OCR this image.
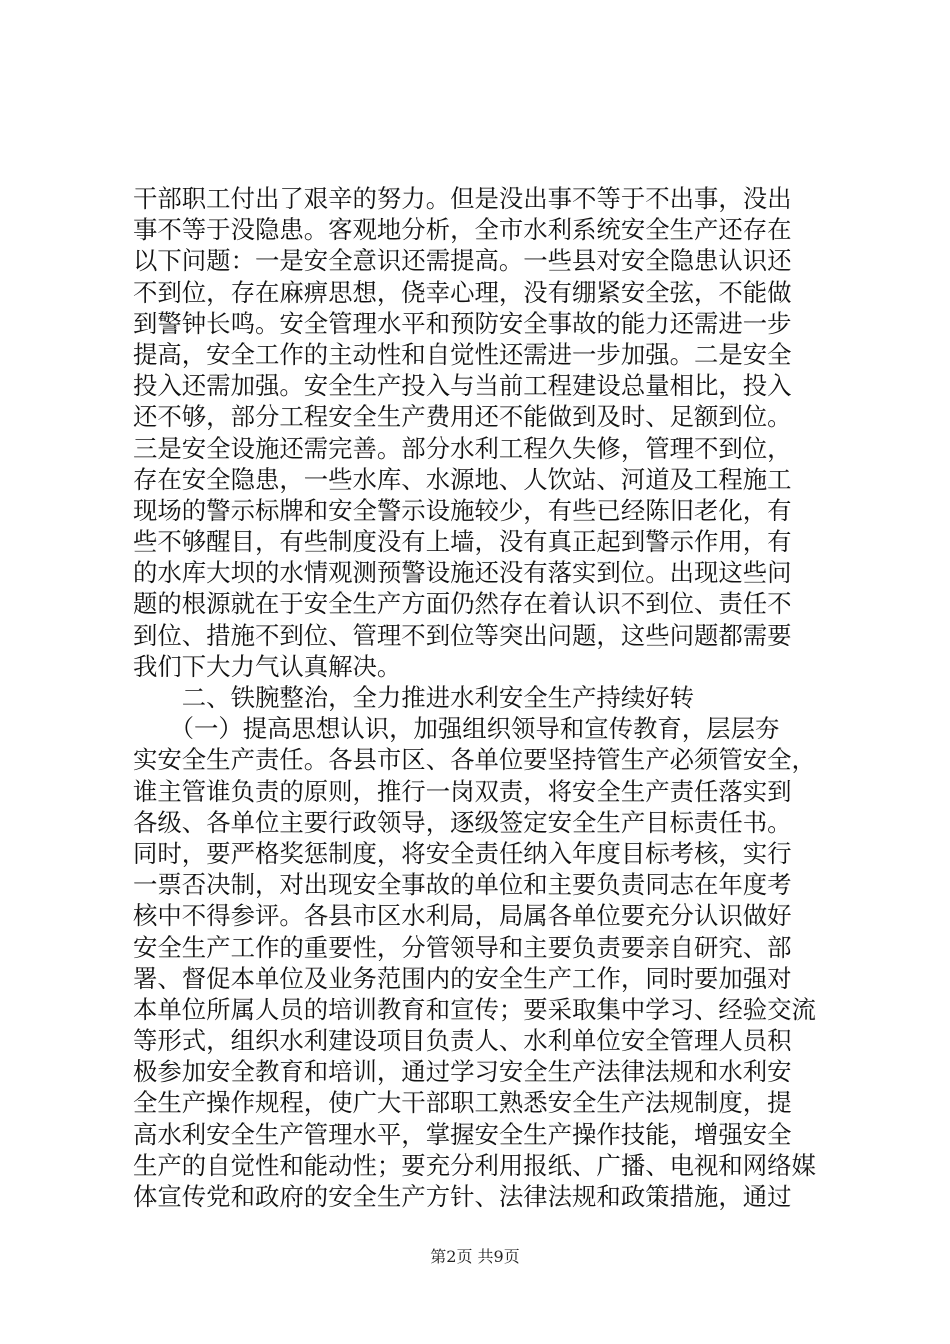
干部职工付出了艰辛的努力。但是没出事不等于不出事，没出
事不等于没隐患。客观地分析，全市水利系统安全生产还存在
以下问题：一是安全意识还需提高。一些县对安全隐患认识还
不到位，存在麻痹思想，侥幸心理，没有绷紧安全弦，不能做
到警钟长鸣。安全管理水平和预防安全事故的能力还需进一步
提高，安全工作的主动性和自觉性还需进一步加强。二是安全
投入还需加强。安全生产投入与当前工程建设总量相比，投入
还不够，部分工程安全生产费用还不能做到及时、足额到位。
三是安全设施还需完善。部分水利工程久失修，管理不到位，
存在安全隐患，一些水库、水源地、人饮站、河道及工程施工
现场的警示标牌和安全警示设施较少，有些已经陈旧老化，有
些不够醒目，有些制度没有上墙，没有真正起到警示作用，有
的水库大坝的水情观测预警设施还没有落实到位。出现这些问
题的根源就在于安全生产方面仍然存在着认识不到位、责任不
到位、措施不到位、管理不到位等突出问题，这些问题都需要
我们下大力气认真解决。
　　二、铁腕整治，全力推进水利安全生产持续好转
　　（一）提高思想认识，加强组织领导和宣传教育，层层夯
实安全生产责任。各县市区、各单位要坚持管生产必须管安全，
谁主管谁负责的原则，推行一岗双责，将安全生产责任落实到
各级、各单位主要行政领导，逐级签定安全生产目标责任书。
同时，要严格奖惩制度，将安全责任纳入年度目标考核，实行
一票否决制，对出现安全事故的单位和主要负责同志在年度考
核中不得参评。各县市区水利局，局属各单位要充分认识做好
安全生产工作的重要性，分管领导和主要负责要亲自研究、部
署、督促本单位及业务范围内的安全生产工作，同时要加强对
本单位所属人员的培训教育和宣传；要采取集中学习、经验交流
等形式，组织水利建设项目负责人、水利单位安全管理人员积
极参加安全教育和培训，通过学习安全生产法律法规和水利安
全生产操作规程，使广大干部职工熟悉安全生产法规制度，提
高水利安全生产管理水平，掌握安全生产操作技能，增强安全
生产的自觉性和能动性；要充分利用报纸、广播、电视和网络媒
体宣传党和政府的安全生产方针、法律法规和政策措施，通过
第2页 共9页
